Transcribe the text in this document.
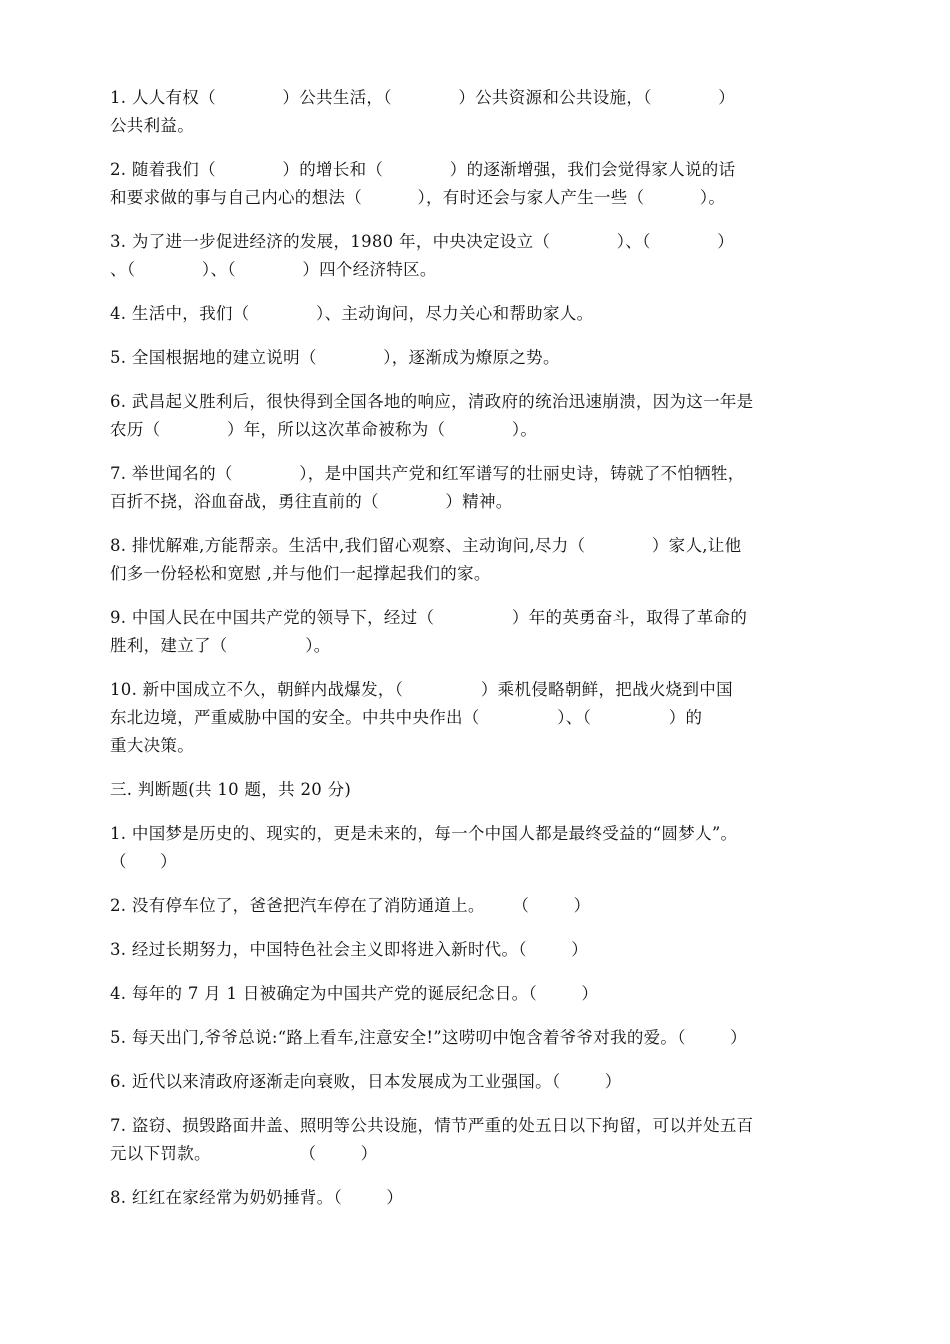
1. 人人有权（            ）公共生活，（            ）公共资源和公共设施，（            ）
公共利益。

2. 随着我们（            ）的增长和（            ）的逐渐增强，我们会觉得家人说的话
和要求做的事与自己内心的想法（          ），有时还会与家人产生一些（          ）。

3. 为了进一步促进经济的发展，1980 年，中央决定设立（            ）、（            ）
、（            ）、（            ）四个经济特区。

4. 生活中，我们（            ）、主动询问，尽力关心和帮助家人。

5. 全国根据地的建立说明（            ），逐渐成为燎原之势。

6. 武昌起义胜利后，很快得到全国各地的响应，清政府的统治迅速崩溃，因为这一年是
农历（            ）年，所以这次革命被称为（            ）。

7. 举世闻名的（            ），是中国共产党和红军谱写的壮丽史诗，铸就了不怕牺牲，
百折不挠，浴血奋战，勇往直前的（            ）精神。

8. 排忧解难,方能帮亲。生活中,我们留心观察、主动询问,尽力（            ）家人,让他
们多一份轻松和宽慰 ,并与他们一起撑起我们的家。

9. 中国人民在中国共产党的领导下，经过（              ）年的英勇奋斗，取得了革命的
胜利，建立了（              ）。

10. 新中国成立不久，朝鲜内战爆发，（              ）乘机侵略朝鲜，把战火烧到中国
东北边境，严重威胁中国的安全。中共中央作出（              ）、（              ）的
重大决策。

三. 判断题(共 10 题，共 20 分)

1. 中国梦是历史的、现实的，更是未来的，每一个中国人都是最终受益的“圆梦人”。
（      ）

2. 没有停车位了，爸爸把汽车停在了消防通道上。     （        ）

3. 经过长期努力，中国特色社会主义即将进入新时代。（        ）

4. 每年的 7 月 1 日被确定为中国共产党的诞辰纪念日。（        ）

5. 每天出门,爷爷总说:“路上看车,注意安全!”这唠叨中饱含着爷爷对我的爱。（        ）

6. 近代以来清政府逐渐走向衰败，日本发展成为工业强国。（        ）

7. 盗窃、损毁路面井盖、照明等公共设施，情节严重的处五日以下拘留，可以并处五百
元以下罚款。                （        ）

8. 红红在家经常为奶奶捶背。（        ）
